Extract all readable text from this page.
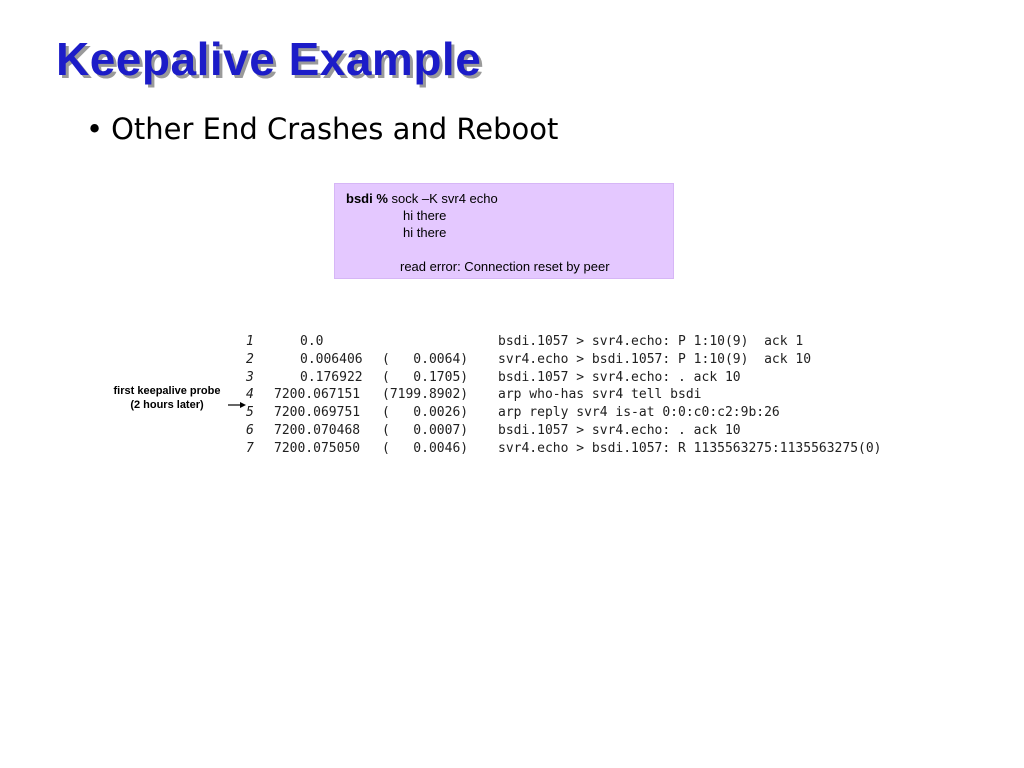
Keepalive Example
• Other End Crashes and Reboot
bsdi % sock –K svr4 echo
hi there
hi there
read error: Connection reset by peer
first keepalive probe
(2 hours later)
1	0.0	bsdi.1057 > svr4.echo: P 1:10(9)  ack 1
2	0.006406 (   0.0064) svr4.echo > bsdi.1057: P 1:10(9)  ack 10
3	0.176922 (   0.1705) bsdi.1057 > svr4.echo: . ack 10
4	7200.067151 (7199.8902) arp who-has svr4 tell bsdi
5	7200.069751 (   0.0026) arp reply svr4 is-at 0:0:c0:c2:9b:26
6	7200.070468 (   0.0007) bsdi.1057 > svr4.echo: . ack 10
7	7200.075050 (   0.0046) svr4.echo > bsdi.1057: R 1135563275:1135563275(0)
